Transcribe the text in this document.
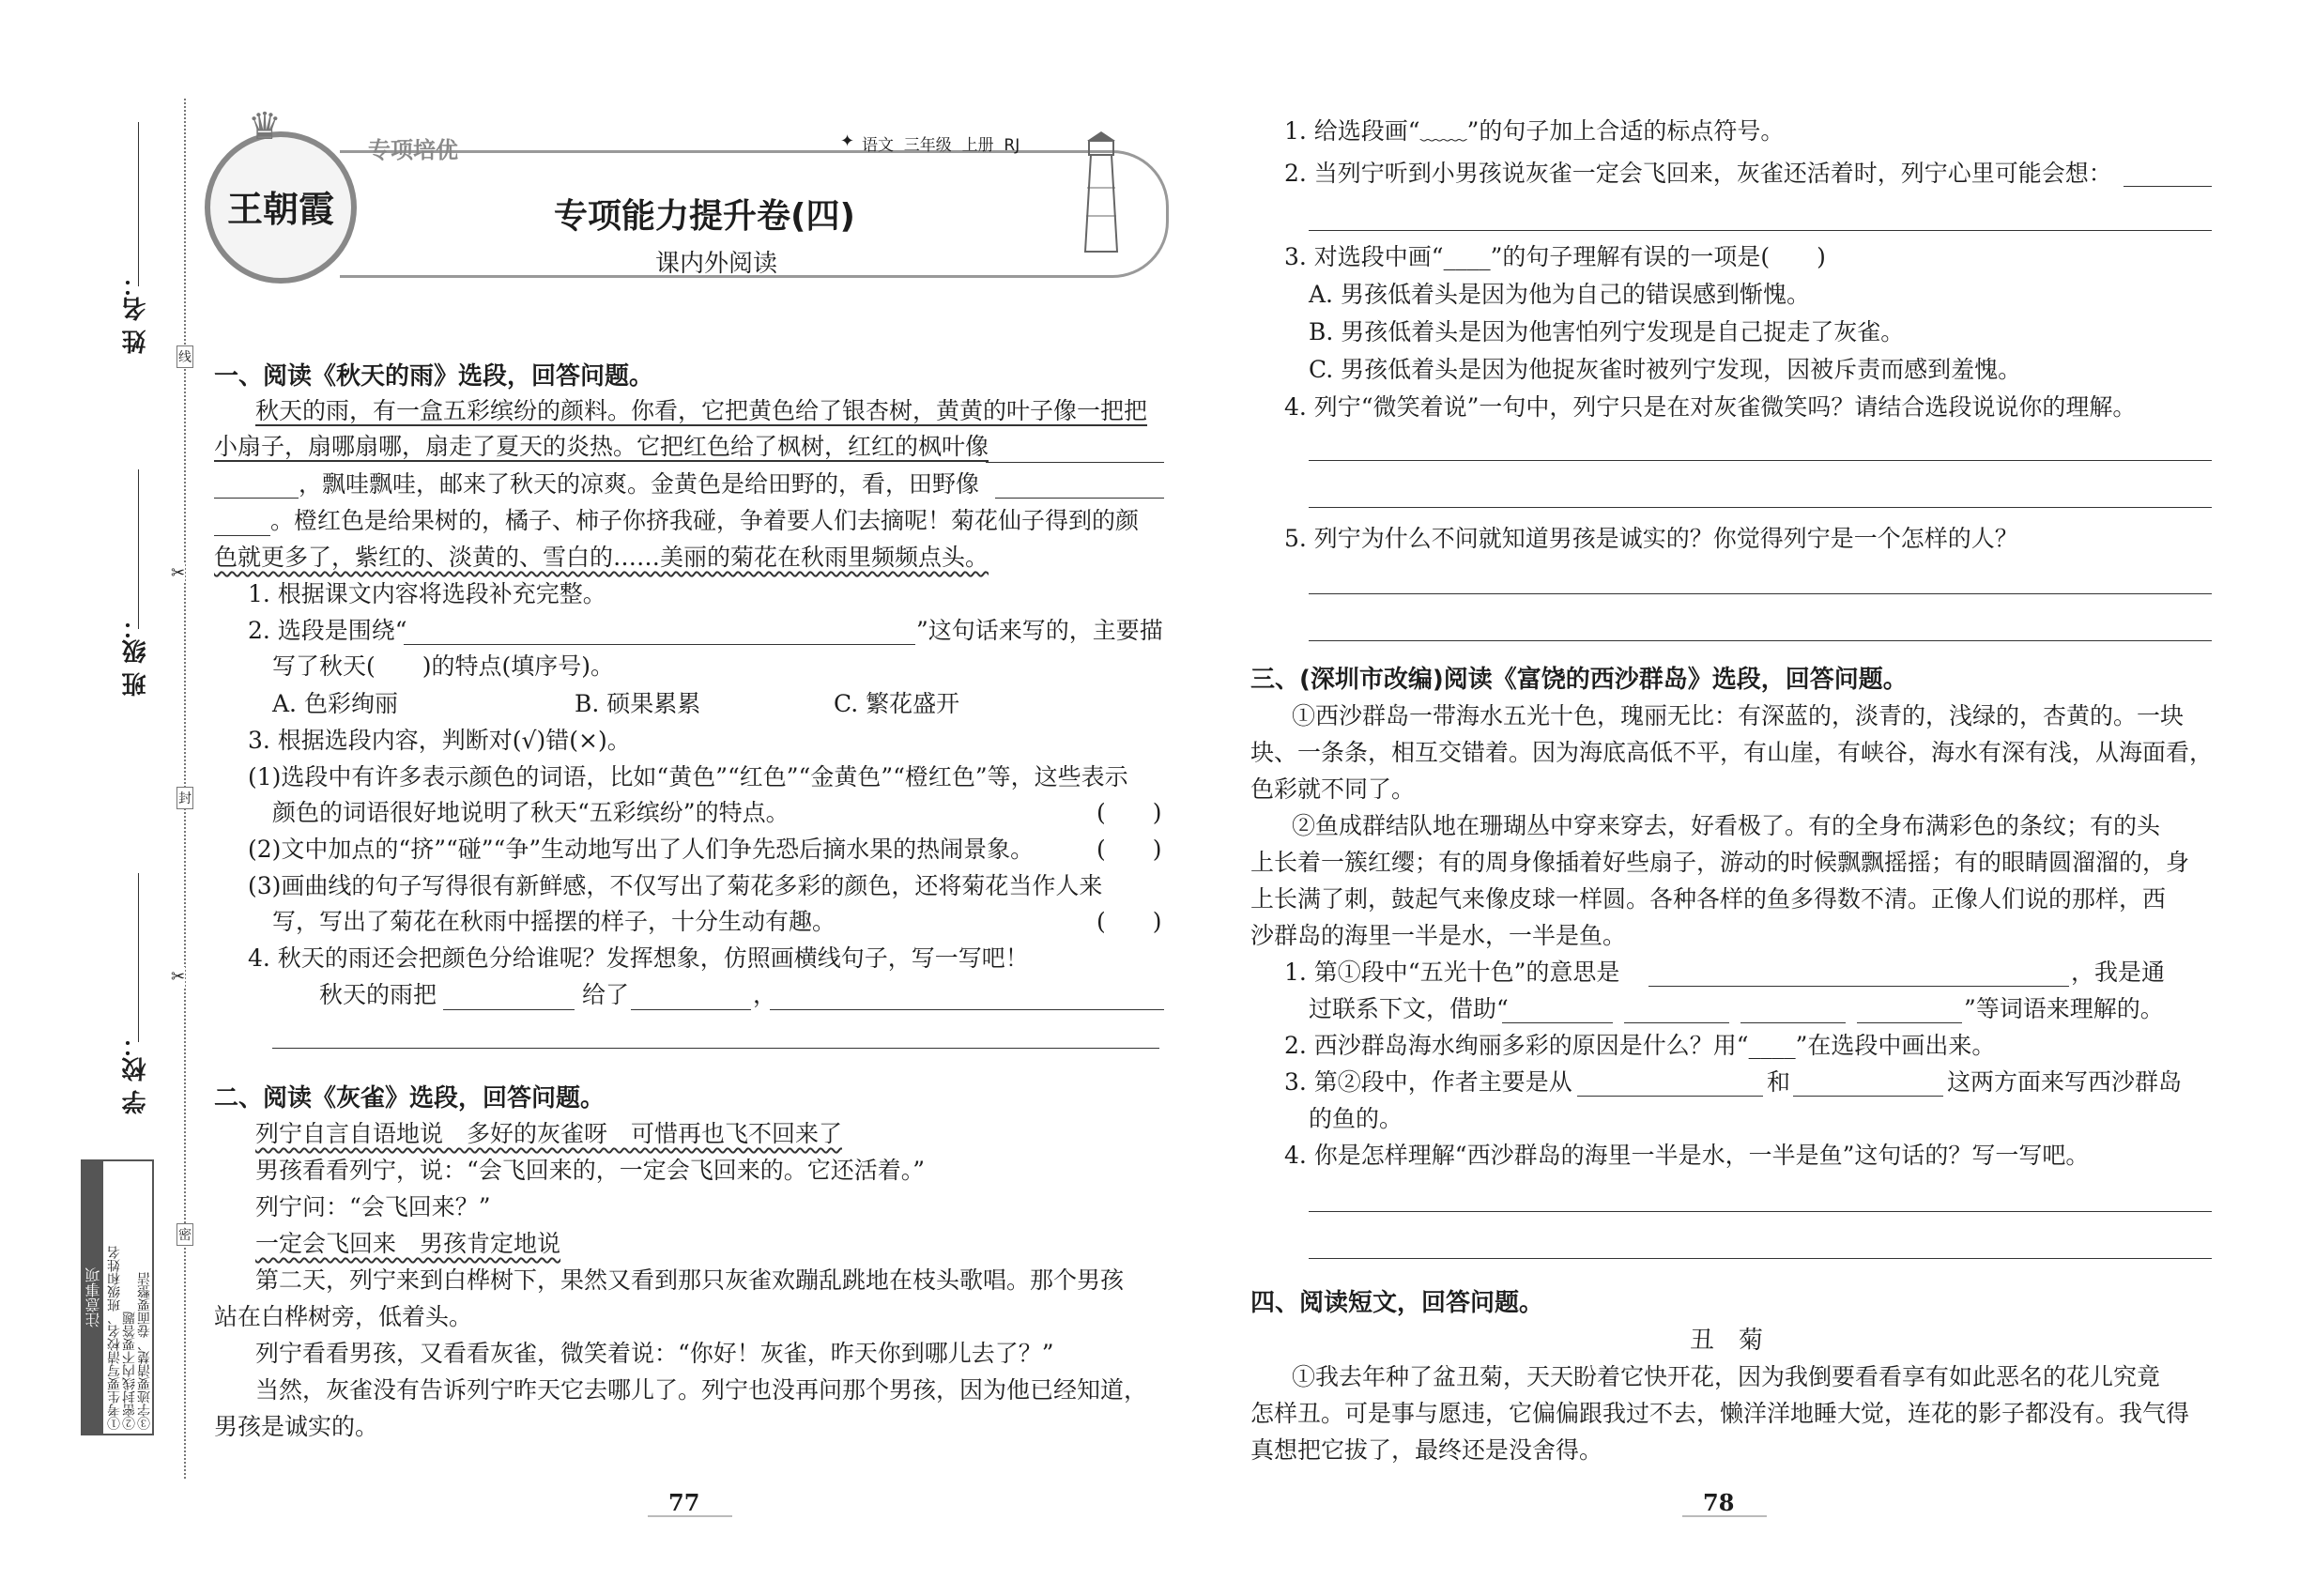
姓 名：
班 级：
学 校：
线
✂
封
✂
密
注意事项 ①考生要写清校名、班级和姓名 ②密封线内不要答题 ③字迹要清楚、卷面要整洁
♛
王朝霞
专项培优	✦ 语文  三年级  上册  RJ
专项能力提升卷(四)
课内外阅读
一、阅读《秋天的雨》选段，回答问题。
秋天的雨，有一盒五彩缤纷的颜料。你看，它把黄色给了银杏树，黄黄的叶子像一把把
小扇子，扇哪扇哪，扇走了夏天的炎热。它把红色给了枫树，红红的枫叶像
，飘哇飘哇，邮来了秋天的凉爽。金黄色是给田野的，看，田野像
。橙红色是给果树的，橘子、柿子你挤我碰，争着要人们去摘呢！菊花仙子得到的颜
色就更多了，紫红的、淡黄的、雪白的……美丽的菊花在秋雨里频频点头。
1. 根据课文内容将选段补充完整。
2. 选段是围绕“	”这句话来写的，主要描
写了秋天(　　)的特点(填序号)。
A. 色彩绚丽	B. 硕果累累	C. 繁花盛开
3. 根据选段内容，判断对(√)错(×)。
(1)选段中有许多表示颜色的词语，比如“黄色”“红色”“金黄色”“橙红色”等，这些表示
颜色的词语很好地说明了秋天“五彩缤纷”的特点。	(　　)
(2)文中加点的“挤”“碰”“争”生动地写出了人们争先恐后摘水果的热闹景象。	(　　)
(3)画曲线的句子写得很有新鲜感，不仅写出了菊花多彩的颜色，还将菊花当作人来
写，写出了菊花在秋雨中摇摆的样子，十分生动有趣。	(　　)
4. 秋天的雨还会把颜色分给谁呢？发挥想象，仿照画横线句子，写一写吧！
秋天的雨把	给了	，
二、阅读《灰雀》选段，回答问题。
列宁自言自语地说　多好的灰雀呀　可惜再也飞不回来了
男孩看看列宁，说：“会飞回来的，一定会飞回来的。它还活着。”
列宁问：“会飞回来？”
一定会飞回来　男孩肯定地说
第二天，列宁来到白桦树下，果然又看到那只灰雀欢蹦乱跳地在枝头歌唱。那个男孩
站在白桦树旁，低着头。
列宁看看男孩，又看看灰雀，微笑着说：“你好！灰雀，昨天你到哪儿去了？”
当然，灰雀没有告诉列宁昨天它去哪儿了。列宁也没再问那个男孩，因为他已经知道，
男孩是诚实的。
1. 给选段画“﹏﹏”的句子加上合适的标点符号。
2. 当列宁听到小男孩说灰雀一定会飞回来，灰雀还活着时，列宁心里可能会想：
3. 对选段中画“____”的句子理解有误的一项是(　　)
A. 男孩低着头是因为他为自己的错误感到惭愧。
B. 男孩低着头是因为他害怕列宁发现是自己捉走了灰雀。
C. 男孩低着头是因为他捉灰雀时被列宁发现，因被斥责而感到羞愧。
4. 列宁“微笑着说”一句中，列宁只是在对灰雀微笑吗？请结合选段说说你的理解。
5. 列宁为什么不问就知道男孩是诚实的？你觉得列宁是一个怎样的人？
三、(深圳市改编)阅读《富饶的西沙群岛》选段，回答问题。
①西沙群岛一带海水五光十色，瑰丽无比：有深蓝的，淡青的，浅绿的，杏黄的。一块
块、一条条，相互交错着。因为海底高低不平，有山崖，有峡谷，海水有深有浅，从海面看，
色彩就不同了。
②鱼成群结队地在珊瑚丛中穿来穿去，好看极了。有的全身布满彩色的条纹；有的头
上长着一簇红缨；有的周身像插着好些扇子，游动的时候飘飘摇摇；有的眼睛圆溜溜的，身
上长满了刺，鼓起气来像皮球一样圆。各种各样的鱼多得数不清。正像人们说的那样，西
沙群岛的海里一半是水，一半是鱼。
1. 第①段中“五光十色”的意思是	，我是通
过联系下文，借助“	”等词语来理解的。
2. 西沙群岛海水绚丽多彩的原因是什么？用“____”在选段中画出来。
3. 第②段中，作者主要是从	和	这两方面来写西沙群岛
的鱼的。
4. 你是怎样理解“西沙群岛的海里一半是水，一半是鱼”这句话的？写一写吧。
四、阅读短文，回答问题。
丑　菊
①我去年种了盆丑菊，天天盼着它快开花，因为我倒要看看享有如此恶名的花儿究竟
怎样丑。可是事与愿违，它偏偏跟我过不去，懒洋洋地睡大觉，连花的影子都没有。我气得
真想把它拔了，最终还是没舍得。
77	78
